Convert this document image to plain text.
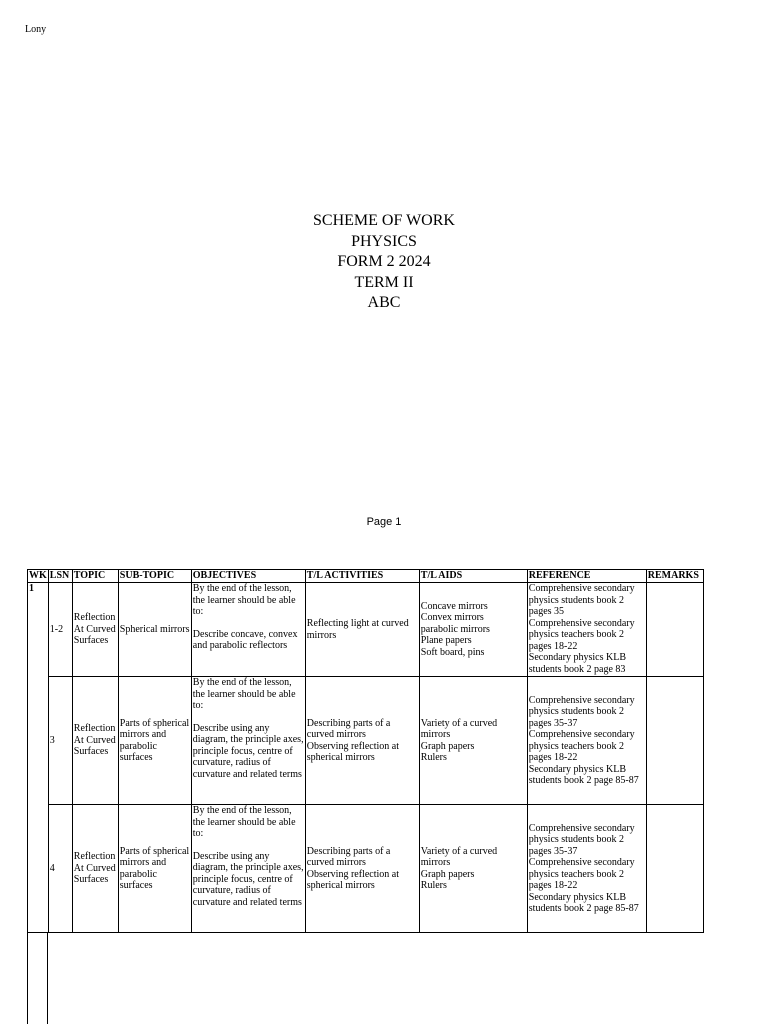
Lony
SCHEME OF WORK
PHYSICS
FORM 2 2024
TERM II
ABC
Page 1
WK	LSN	TOPIC	SUB-TOPIC	OBJECTIVES	T/L ACTIVITIES	T/L AIDS	REFERENCE	REMARKS
1	1-2	Reflection At Curved Surfaces	Spherical mirrors	By the end of the lesson, the learner should be able to:
Describe concave, convex and parabolic reflectors	Reflecting light at curved mirrors	Concave mirrors
Convex mirrors
parabolic mirrors
Plane papers
Soft board, pins	Comprehensive secondary physics students book 2 pages 35
Comprehensive secondary physics teachers book 2 pages 18-22
Secondary physics KLB students book 2 page 83	

	3	Reflection At Curved Surfaces	Parts of spherical mirrors and parabolic surfaces	By the end of the lesson, the learner should be able to:
Describe using any diagram, the principle axes, principle focus, centre of curvature, radius of curvature and related terms	Describing parts of a curved mirrors
Observing reflection at spherical mirrors	Variety of a curved mirrors
Graph papers
Rulers	Comprehensive secondary physics students book 2 pages 35-37
Comprehensive secondary physics teachers book 2 pages 18-22
Secondary physics KLB students book 2 page 85-87	

	4	Reflection At Curved Surfaces	Parts of spherical mirrors and parabolic surfaces	By the end of the lesson, the learner should be able to:
Describe using any diagram, the principle axes, principle focus, centre of curvature, radius of curvature and related terms	Describing parts of a curved mirrors
Observing reflection at spherical mirrors	Variety of a curved mirrors
Graph papers
Rulers	Comprehensive secondary physics students book 2 pages 35-37
Comprehensive secondary physics teachers book 2 pages 18-22
Secondary physics KLB students book 2 page 85-87	
